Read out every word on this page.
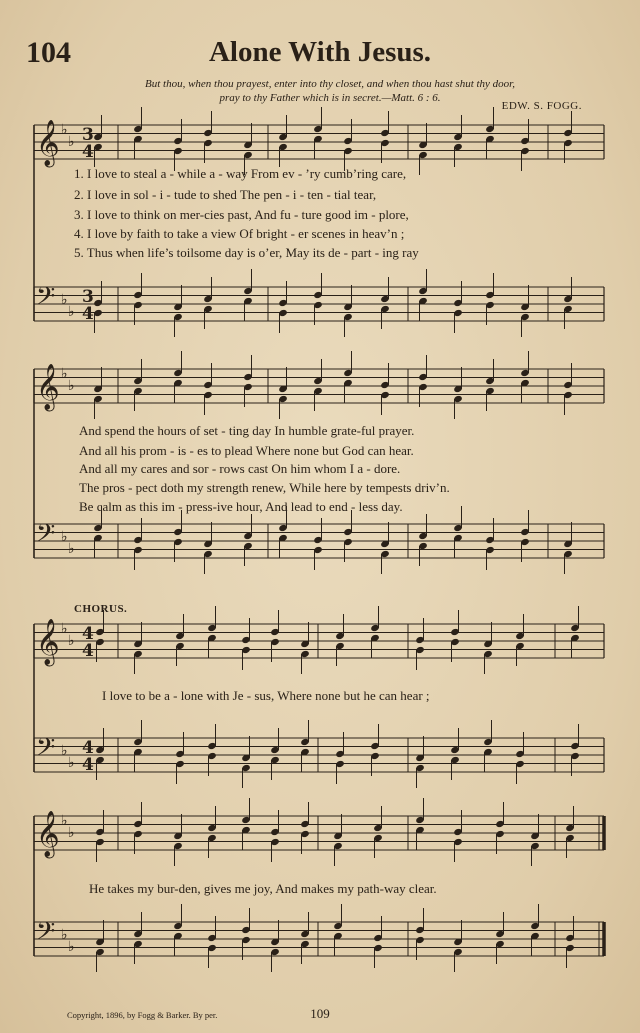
104	Alone With Jesus.
But thou, when thou prayest, enter into thy closet, and when thou hast shut thy door,
pray to thy Father which is in secret.—Matt. 6 : 6.
EDW. S. FOGG.
𝄞 ♭
♭
𝄢 ♭
♭
3
4
3
4
𝄞 ♭
♭
𝄢 ♭
♭
𝄞 ♭
♭
𝄢 ♭
♭
4
4
4
4
𝄞 ♭
♭
𝄢 ♭
♭
1. I love to steal a - while a - way From ev - ’ry cumb’ring care,
2. I love in sol - i - tude to shed The pen - i - ten - tial tear,
3. I love to think on mer-cies past, And fu - ture good im - plore,
4. I love by faith to take a view Of bright - er scenes in heav’n ;
5. Thus when life’s toilsome day is o’er, May its de - part - ing ray
And spend the hours of set - ting day In humble grate-ful prayer.
And all his prom - is - es to plead Where none but God can hear.
And all my cares and sor - rows cast On him whom I a - dore.
The pros - pect doth my strength renew, While here by tempests driv’n.
Be calm as this im - press-ive hour, And lead to end - less day.
CHORUS.
I love to be a - lone with Je - sus, Where none but he can hear ;
He takes my bur-den, gives me joy, And makes my path-way clear.
Copyright, 1896, by Fogg & Barker. By per.	109
